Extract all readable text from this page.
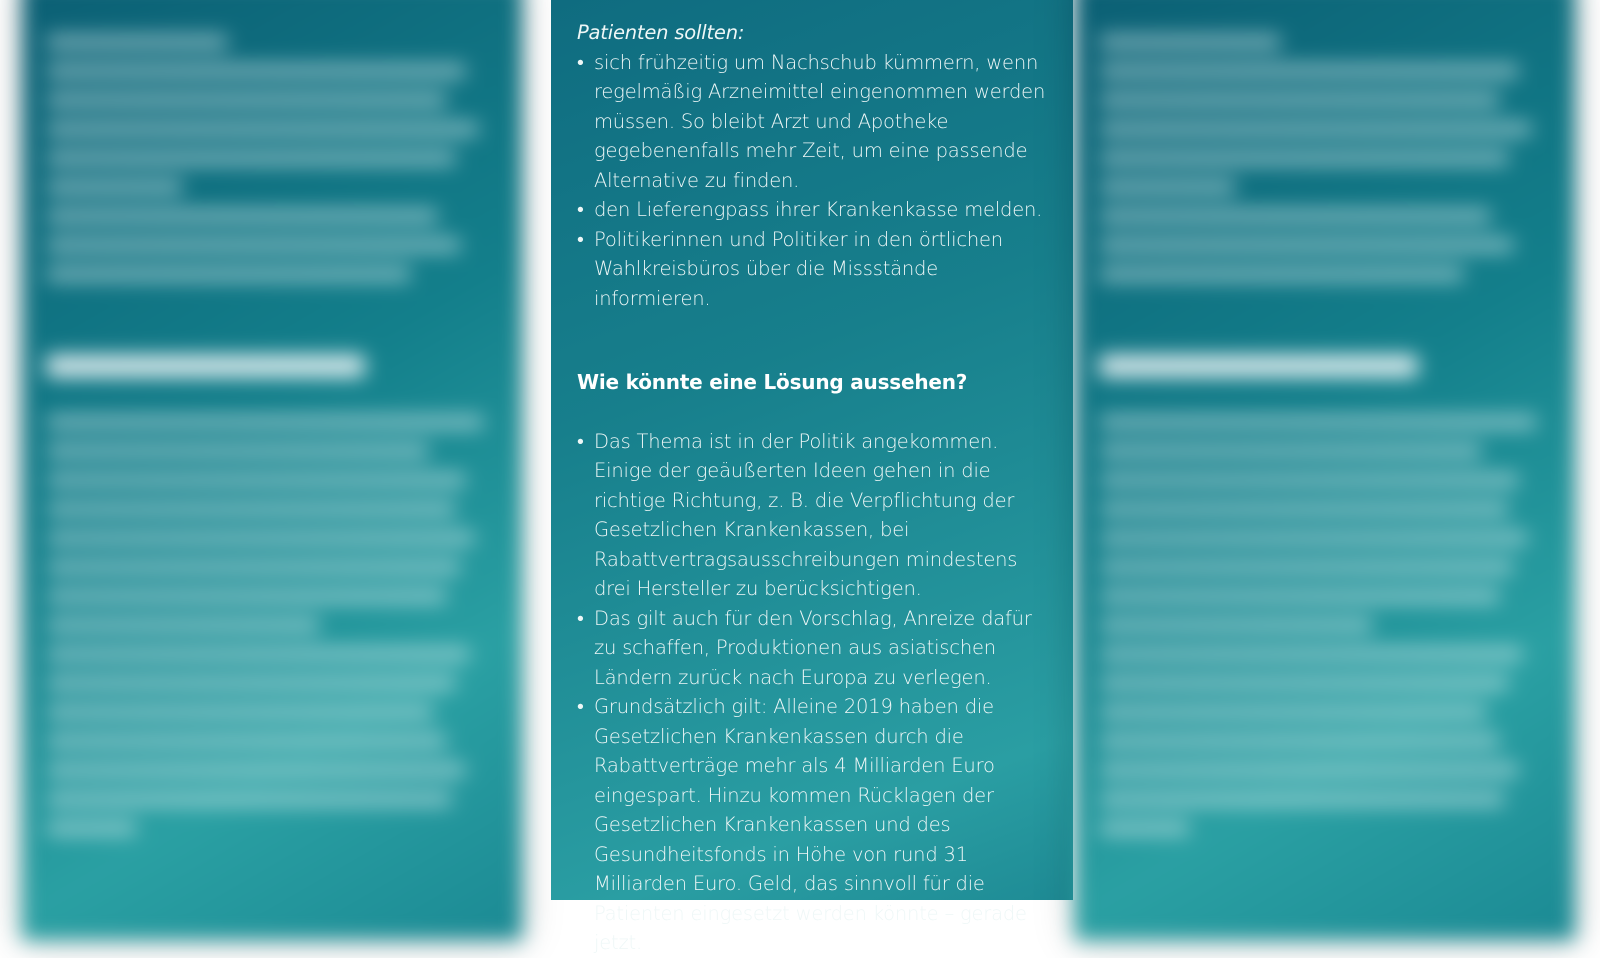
Patienten sollten:

• sich frühzeitig um Nachschub kümmern, wenn regelmäßig Arzneimittel eingenommen werden müssen. So bleibt Arzt und Apotheke gegebenenfalls mehr Zeit, um eine passende Alternative zu finden.
• den Lieferengpass ihrer Krankenkasse melden.
• Politikerinnen und Politiker in den örtlichen Wahlkreisbüros über die Missstände informieren.
Wie könnte eine Lösung aussehen?
• Das Thema ist in der Politik angekommen. Einige der geäußerten Ideen gehen in die richtige Richtung, z. B. die Verpflichtung der Gesetzlichen Krankenkassen, bei Rabattvertragsausschreibungen mindestens drei Hersteller zu berücksichtigen.
• Das gilt auch für den Vorschlag, Anreize dafür zu schaffen, Produktionen aus asiatischen Ländern zurück nach Europa zu verlegen.
• Grundsätzlich gilt: Alleine 2019 haben die Gesetzlichen Krankenkassen durch die Rabattverträge mehr als 4 Milliarden Euro eingespart. Hinzu kommen Rücklagen der Gesetzlichen Krankenkassen und des Gesundheitsfonds in Höhe von rund 31 Milliarden Euro. Geld, das sinnvoll für die Patienten eingesetzt werden könnte – gerade jetzt.
